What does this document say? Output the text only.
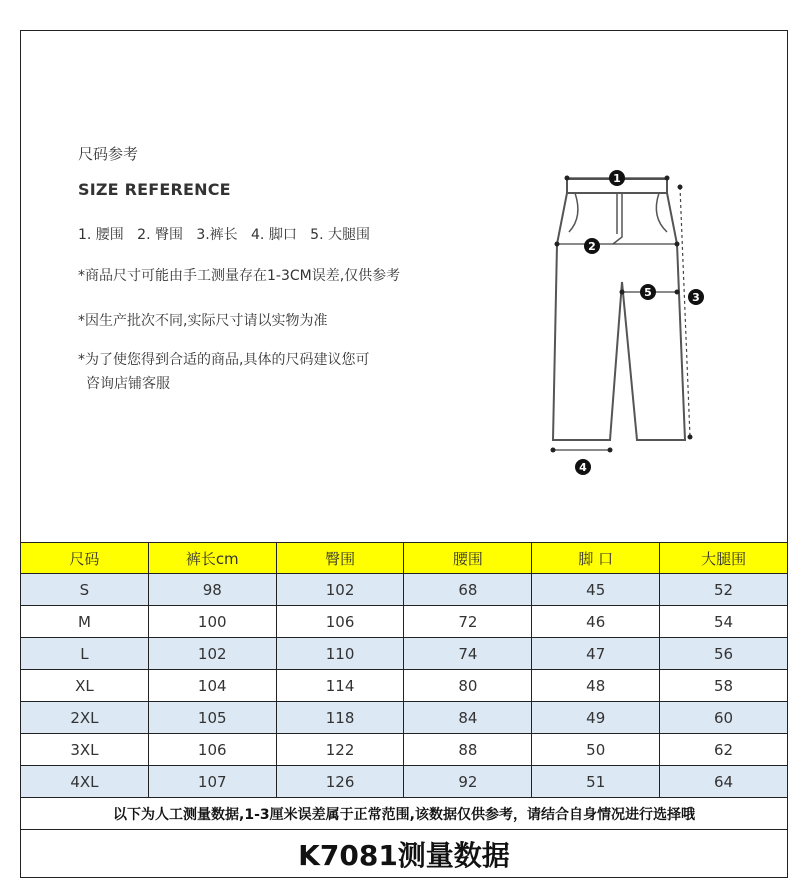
尺码参考
SIZE REFERENCE
1. 腰围   2. 臀围   3.裤长   4. 脚口   5. 大腿围
*商品尺寸可能由手工测量存在1-3CM误差,仅供参考
*因生产批次不同,实际尺寸请以实物为准
*为了使您得到合适的商品,具体的尺码建议您可
咨询店铺客服
1
2
3
4
5
尺码	裤长cm	臀围	腰围	脚 口	大腿围
S	98	102	68	45	52
M	100	106	72	46	54
L	102	110	74	47	56
XL	104	114	80	48	58
2XL	105	118	84	49	60
3XL	106	122	88	50	62
4XL	107	126	92	51	64
以下为人工测量数据,1-3厘米误差属于正常范围,该数据仅供参考，请结合自身情况进行选择哦
K7081测量数据
